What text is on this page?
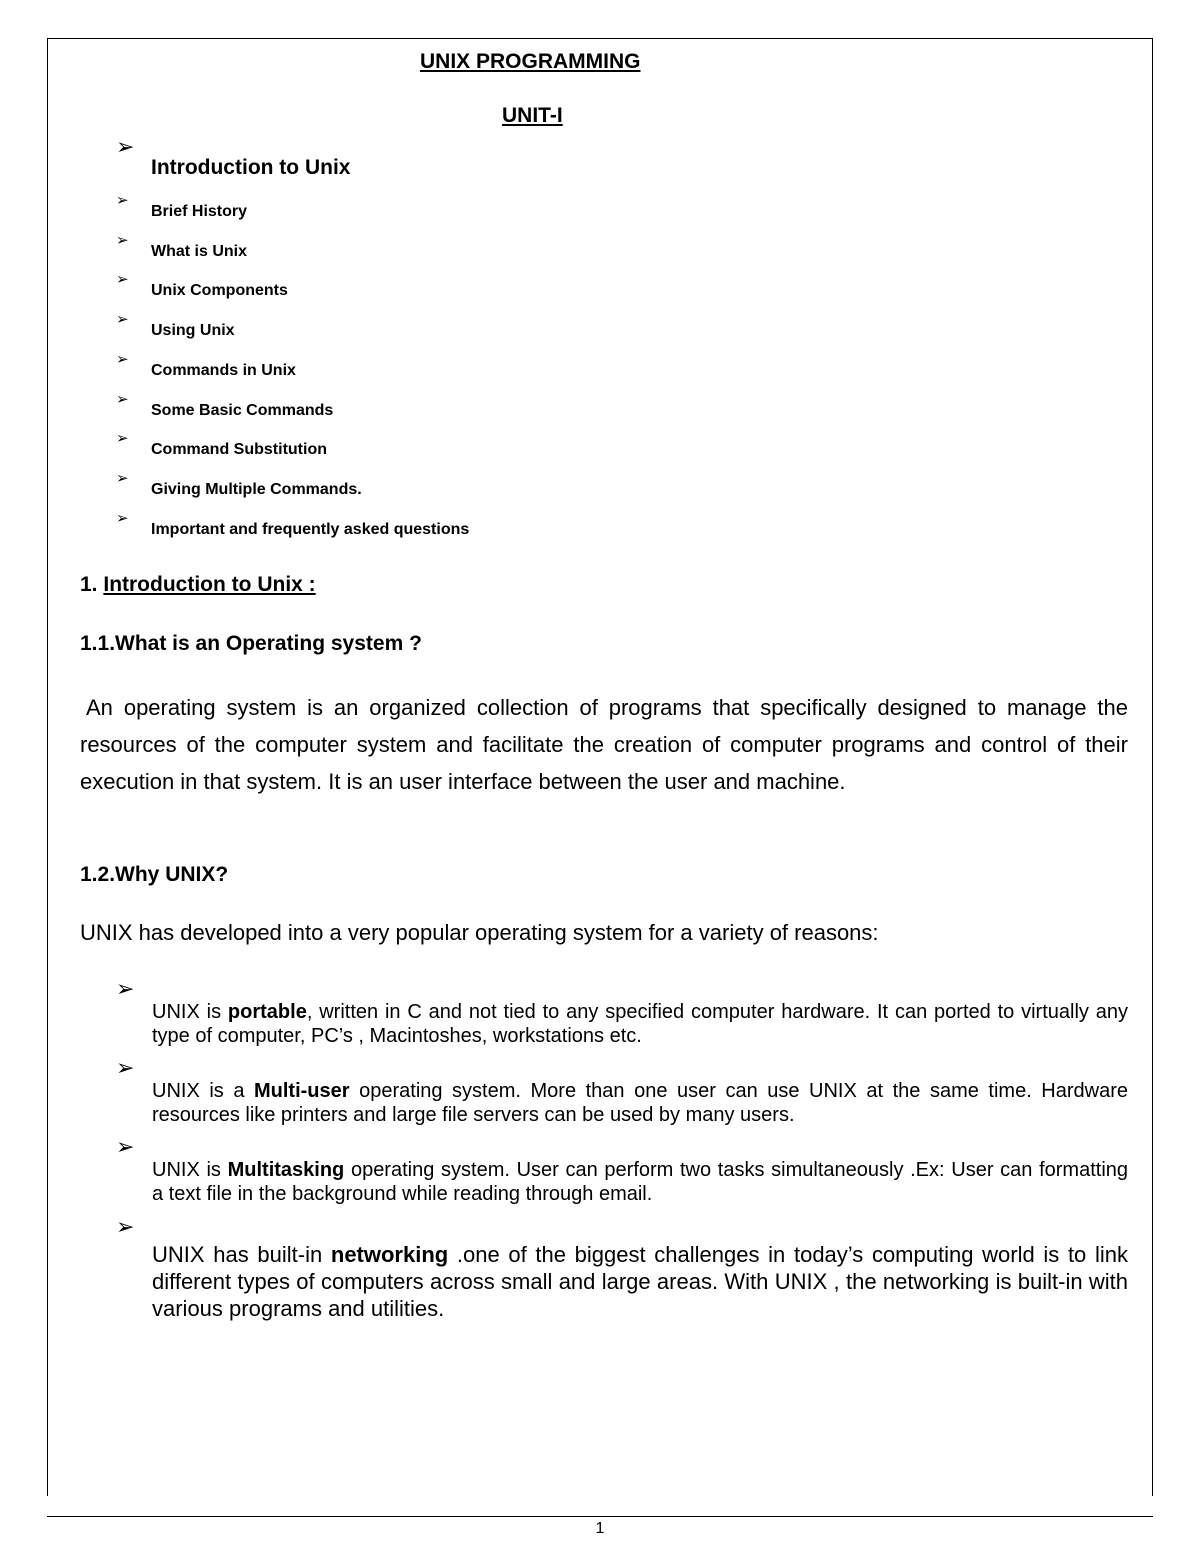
UNIX PROGRAMMING
UNIT-I
➢
Introduction to Unix
➢
Brief History
➢
What is Unix
➢
Unix Components
➢
Using Unix
➢
Commands in Unix
➢
Some Basic Commands
➢
Command Substitution
➢
Giving Multiple Commands.
➢
Important and frequently asked questions
1. Introduction to Unix :
1.1.What is an Operating system ?
An operating system is an organized collection of programs that specifically designed to manage the resources of the computer system and facilitate the creation of computer programs and control of their execution in that system. It is an user interface between the user and machine.
1.2.Why UNIX?
UNIX has developed into a very popular operating system for a variety of reasons:
➢
UNIX is portable, written in C and not tied to any specified computer hardware. It can ported to virtually any type of computer, PC’s , Macintoshes, workstations etc.
➢
UNIX is a Multi-user operating system. More than one user can use UNIX at the same time. Hardware resources like printers and large file servers can be used by many users.
➢
UNIX is Multitasking operating system. User can perform two tasks simultaneously .Ex: User can formatting a text file in the background while reading through email.
➢
UNIX has built-in networking .one of the biggest challenges in today’s computing world is to link different types of computers across small and large areas. With UNIX , the networking is built-in with various programs and utilities.
1
